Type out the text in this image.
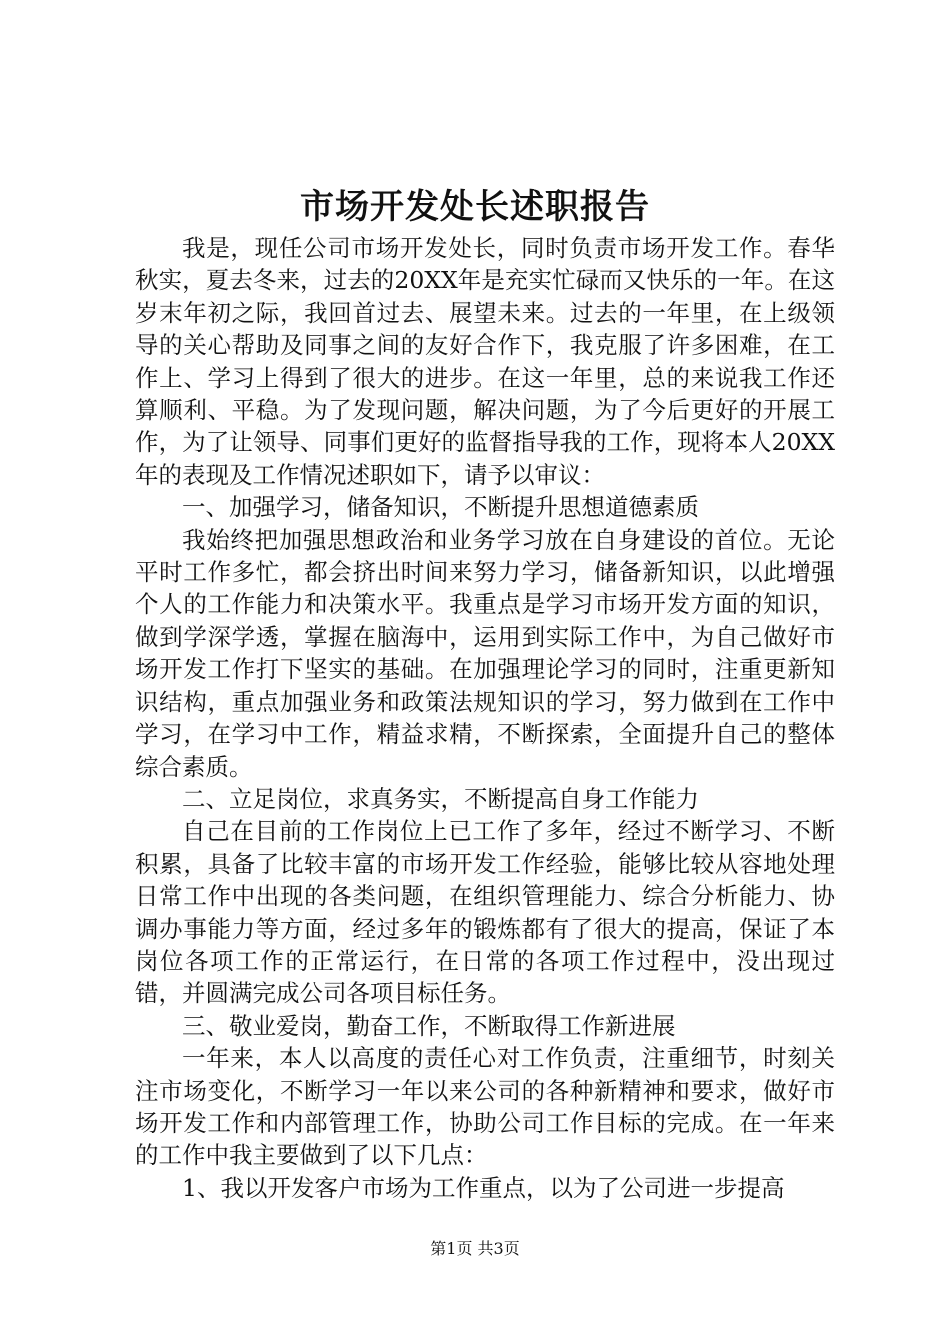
市场开发处长述职报告

我是，现任公司市场开发处长，同时负责市场开发工作。春华秋实，夏去冬来，过去的20XX年是充实忙碌而又快乐的一年。在这岁末年初之际，我回首过去、展望未来。过去的一年里，在上级领导的关心帮助及同事之间的友好合作下，我克服了许多困难，在工作上、学习上得到了很大的进步。在这一年里，总的来说我工作还算顺利、平稳。为了发现问题，解决问题，为了今后更好的开展工作，为了让领导、同事们更好的监督指导我的工作，现将本人20XX年的表现及工作情况述职如下，请予以审议：

一、加强学习，储备知识，不断提升思想道德素质

我始终把加强思想政治和业务学习放在自身建设的首位。无论平时工作多忙，都会挤出时间来努力学习，储备新知识，以此增强个人的工作能力和决策水平。我重点是学习市场开发方面的知识，做到学深学透，掌握在脑海中，运用到实际工作中，为自己做好市场开发工作打下坚实的基础。在加强理论学习的同时，注重更新知识结构，重点加强业务和政策法规知识的学习，努力做到在工作中学习，在学习中工作，精益求精，不断探索，全面提升自己的整体综合素质。

二、立足岗位，求真务实，不断提高自身工作能力

自己在目前的工作岗位上已工作了多年，经过不断学习、不断积累，具备了比较丰富的市场开发工作经验，能够比较从容地处理日常工作中出现的各类问题，在组织管理能力、综合分析能力、协调办事能力等方面，经过多年的锻炼都有了很大的提高，保证了本岗位各项工作的正常运行，在日常的各项工作过程中，没出现过错，并圆满完成公司各项目标任务。

三、敬业爱岗，勤奋工作，不断取得工作新进展

一年来，本人以高度的责任心对工作负责，注重细节，时刻关注市场变化，不断学习一年以来公司的各种新精神和要求，做好市场开发工作和内部管理工作，协助公司工作目标的完成。在一年来的工作中我主要做到了以下几点：

1、我以开发客户市场为工作重点，以为了公司进一步提高

第1页 共3页
